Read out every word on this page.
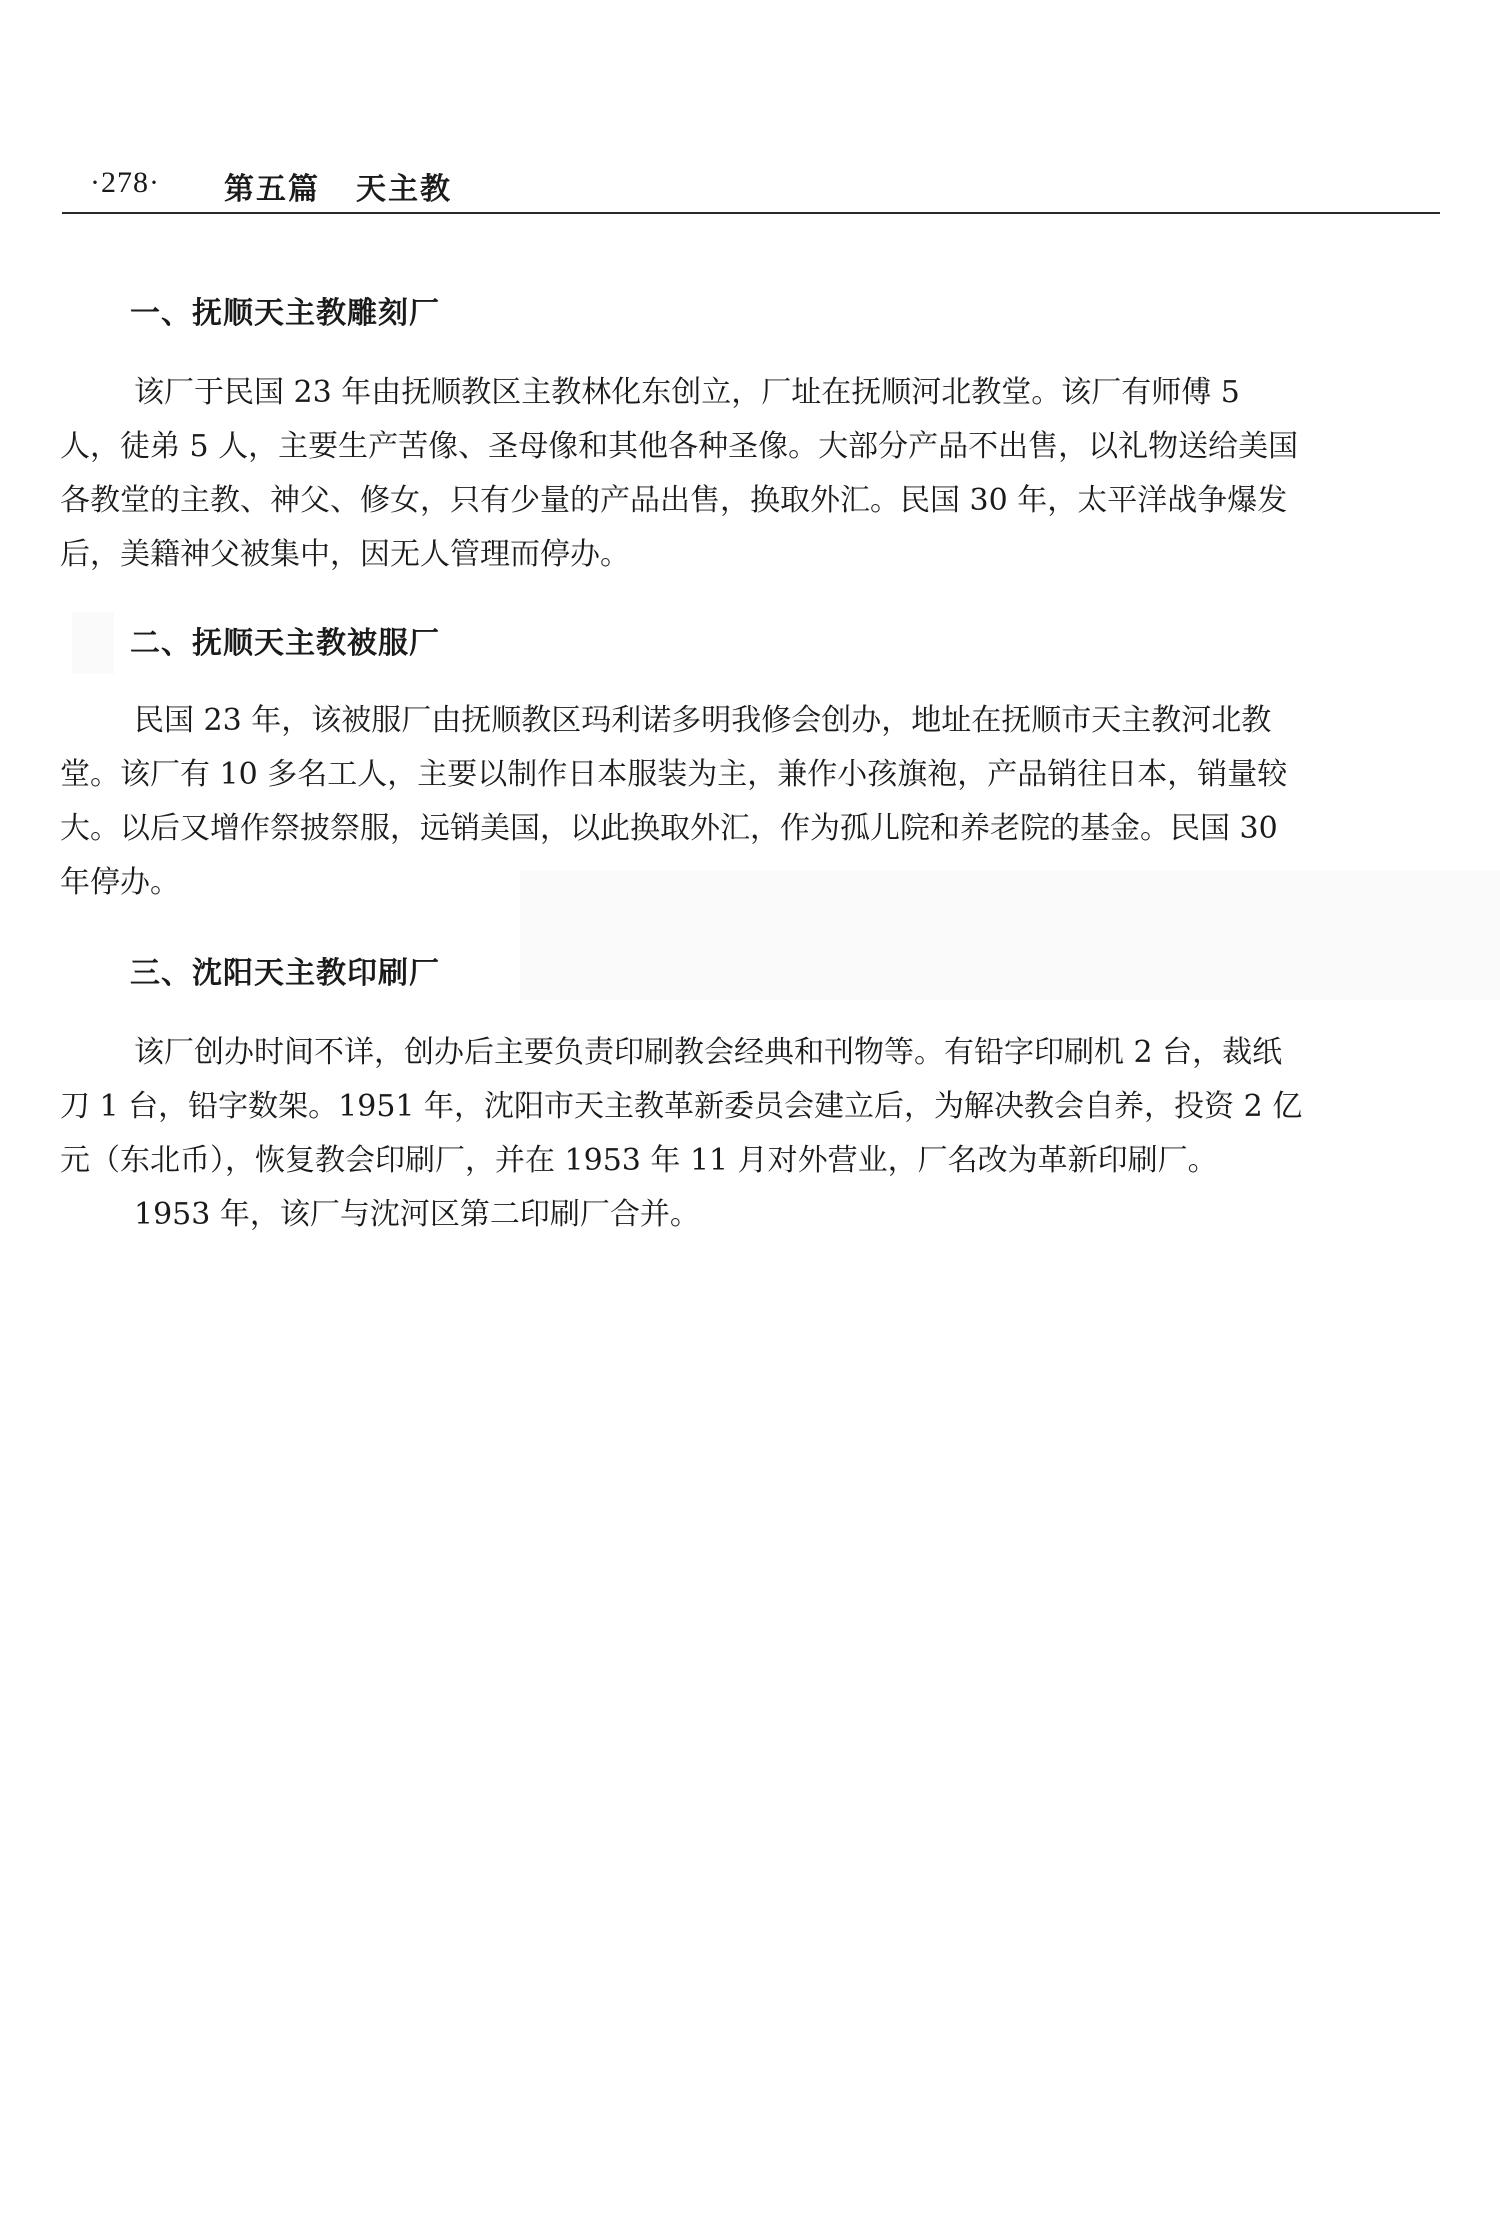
·278· 第五篇 天主教
一、抚顺天主教雕刻厂
该厂于民国 23 年由抚顺教区主教林化东创立，厂址在抚顺河北教堂。该厂有师傅 5
人，徒弟 5 人，主要生产苦像、圣母像和其他各种圣像。大部分产品不出售，以礼物送给美国
各教堂的主教、神父、修女，只有少量的产品出售，换取外汇。民国 30 年，太平洋战争爆发
后，美籍神父被集中，因无人管理而停办。
二、抚顺天主教被服厂
民国 23 年，该被服厂由抚顺教区玛利诺多明我修会创办，地址在抚顺市天主教河北教
堂。该厂有 10 多名工人，主要以制作日本服装为主，兼作小孩旗袍，产品销往日本，销量较
大。以后又增作祭披祭服，远销美国，以此换取外汇，作为孤儿院和养老院的基金。民国 30
年停办。
三、沈阳天主教印刷厂
该厂创办时间不详，创办后主要负责印刷教会经典和刊物等。有铅字印刷机 2 台，裁纸
刀 1 台，铅字数架。1951 年，沈阳市天主教革新委员会建立后，为解决教会自养，投资 2 亿
元（东北币），恢复教会印刷厂，并在 1953 年 11 月对外营业，厂名改为革新印刷厂。
1953 年，该厂与沈河区第二印刷厂合并。
